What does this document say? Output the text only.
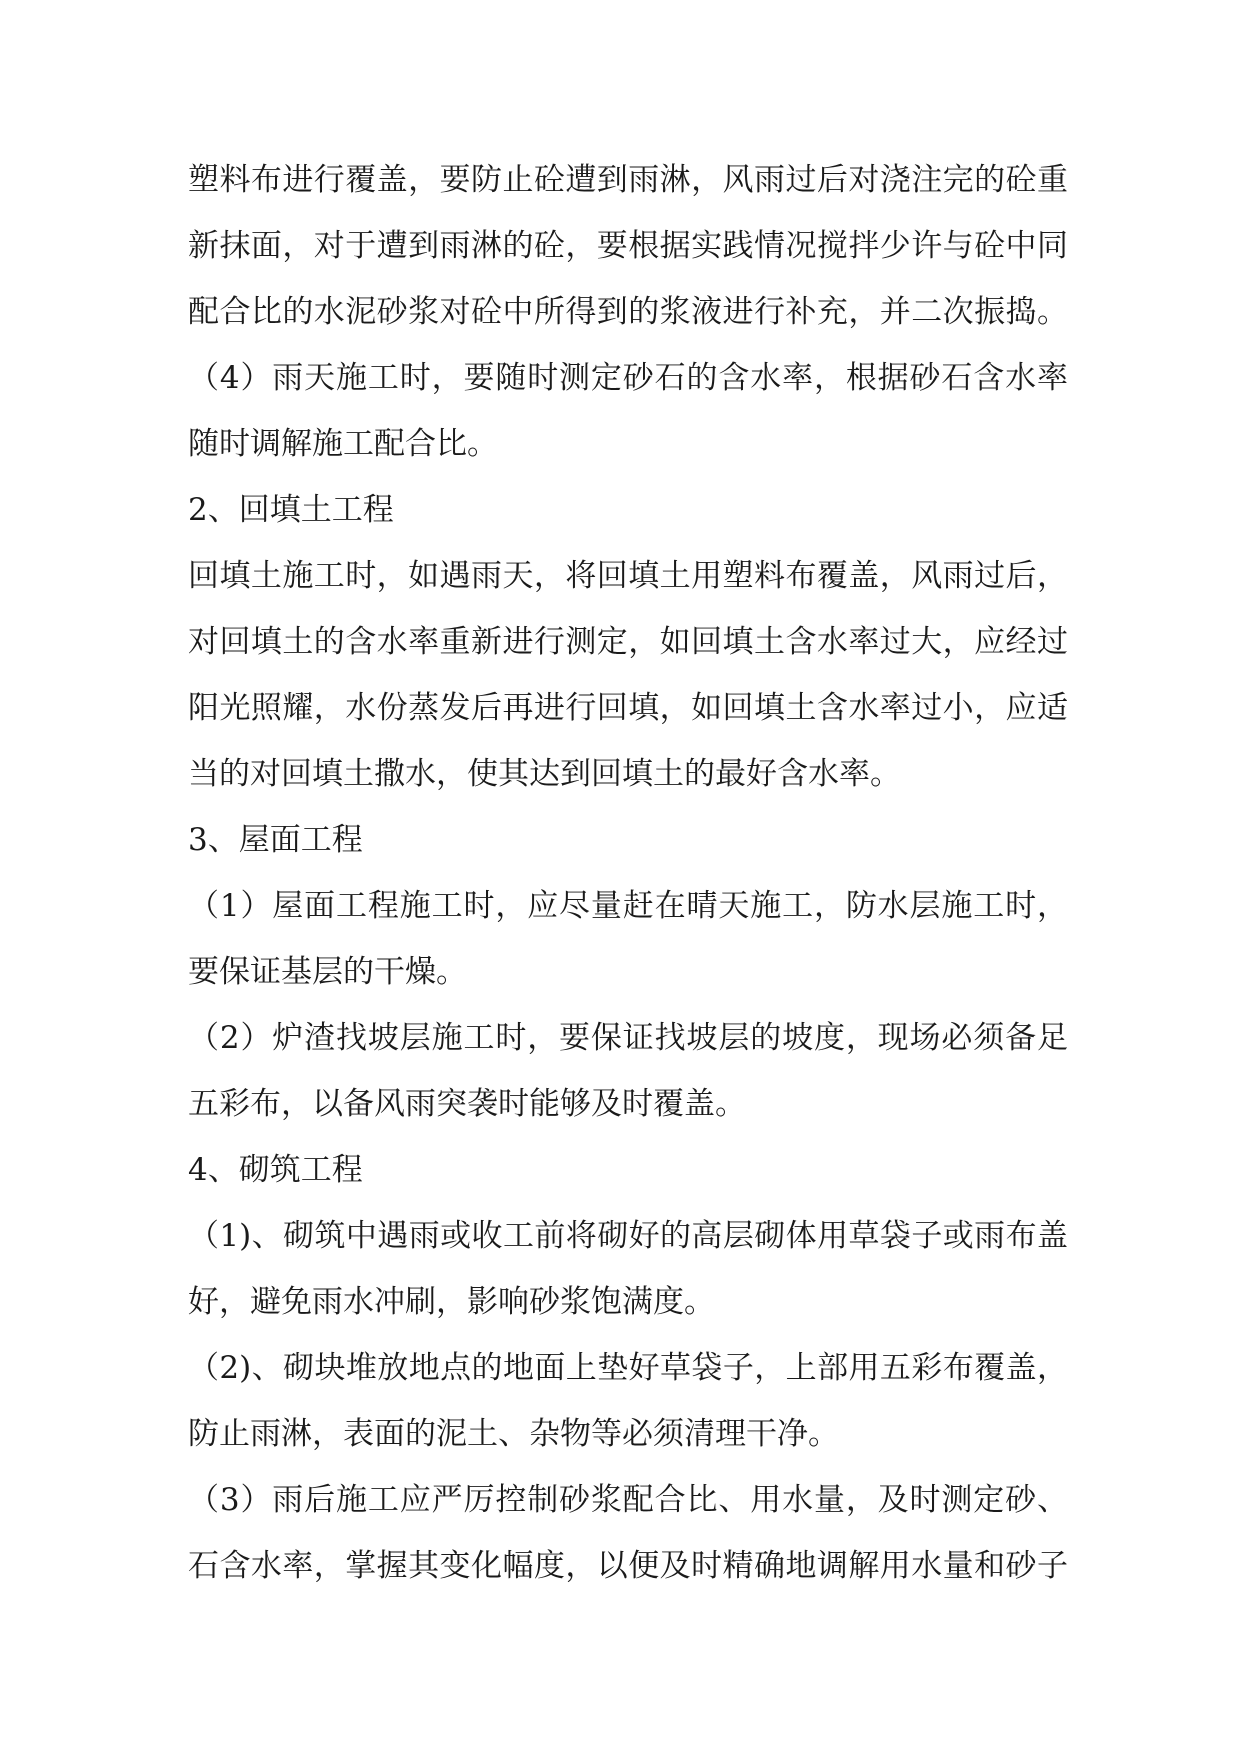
塑料布进行覆盖，要防止砼遭到雨淋，风雨过后对浇注完的砼重
新抹面，对于遭到雨淋的砼，要根据实践情况搅拌少许与砼中同
配合比的水泥砂浆对砼中所得到的浆液进行补充，并二次振捣。
（4）雨天施工时，要随时测定砂石的含水率，根据砂石含水率
随时调解施工配合比。
2、回填土工程
回填土施工时，如遇雨天，将回填土用塑料布覆盖，风雨过后，
对回填土的含水率重新进行测定，如回填土含水率过大，应经过
阳光照耀，水份蒸发后再进行回填，如回填土含水率过小，应适
当的对回填土撒水，使其达到回填土的最好含水率。
3、屋面工程
（1）屋面工程施工时，应尽量赶在晴天施工，防水层施工时，
要保证基层的干燥。
（2）炉渣找坡层施工时，要保证找坡层的坡度，现场必须备足
五彩布，以备风雨突袭时能够及时覆盖。
4、砌筑工程
（1)、砌筑中遇雨或收工前将砌好的高层砌体用草袋子或雨布盖
好，避免雨水冲刷，影响砂浆饱满度。
（2)、砌块堆放地点的地面上垫好草袋子，上部用五彩布覆盖，
防止雨淋，表面的泥土、杂物等必须清理干净。
（3）雨后施工应严厉控制砂浆配合比、用水量，及时测定砂、
石含水率，掌握其变化幅度，以便及时精确地调解用水量和砂子
